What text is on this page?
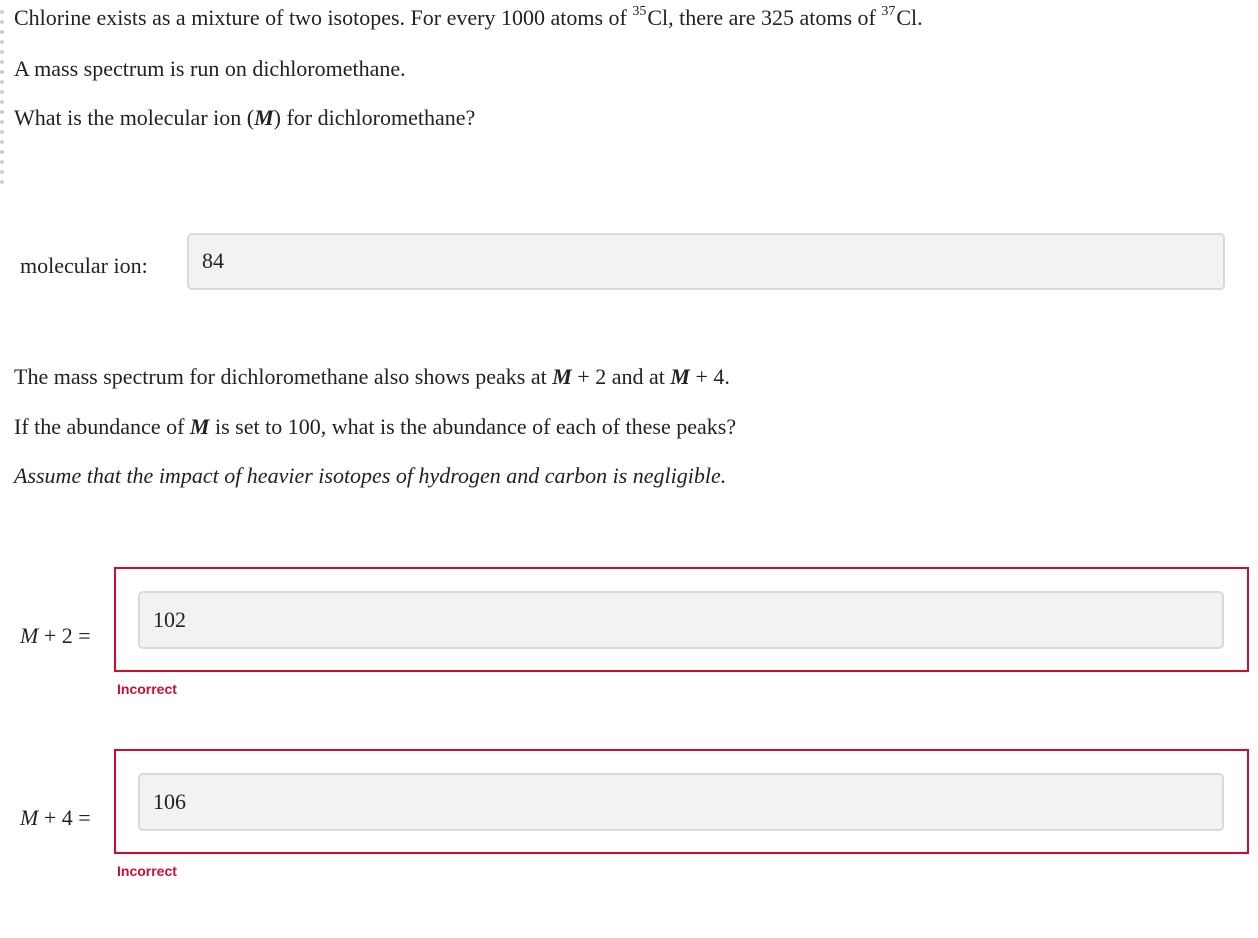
Chlorine exists as a mixture of two isotopes. For every 1000 atoms of $^{35}$Cl, there are 325 atoms of $^{37}$Cl.

A mass spectrum is run on dichloromethane.

What is the molecular ion (M) for dichloromethane?

molecular ion:	84

The mass spectrum for dichloromethane also shows peaks at M + 2 and at M + 4.

If the abundance of M is set to 100, what is the abundance of each of these peaks?

Assume that the impact of heavier isotopes of hydrogen and carbon is negligible.

M + 2 =
102
Incorrect
M + 4 =
106
Incorrect
